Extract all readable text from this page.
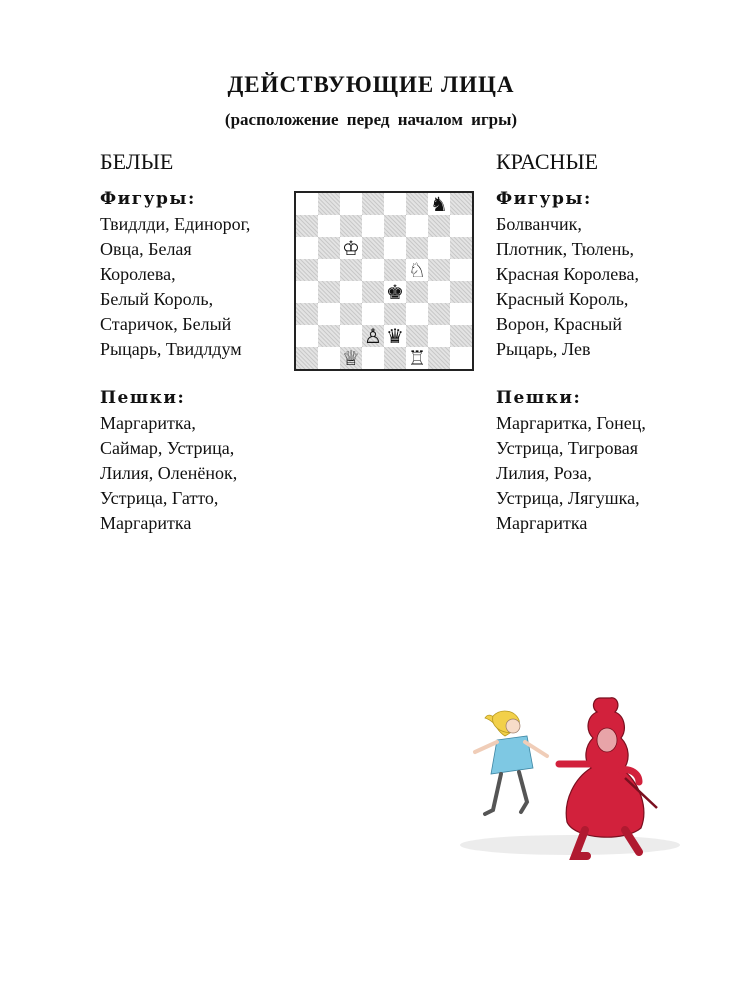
ДЕЙСТВУЮЩИЕ ЛИЦА
(расположение перед началом игры)
БЕЛЫЕ
Фигуры:
Твидлди, Единорог,
Овца, Белая
Королева,
Белый Король,
Старичок, Белый
Рыцарь, Твидлдум
Пешки:
Маргаритка,
Саймар, Устрица,
Лилия, Оленёнок,
Устрица, Гатто,
Маргаритка
КРАСНЫЕ
Фигуры:
Болванчик,
Плотник, Тюлень,
Красная Королева,
Красный Король,
Ворон, Красный
Рыцарь, Лев
Пешки:
Маргаритка, Гонец,
Устрица, Тигровая
Лилия, Роза,
Устрица, Лягушка,
Маргаритка
♞
♔
♘
♚
♙ ♛
♕ ♖
